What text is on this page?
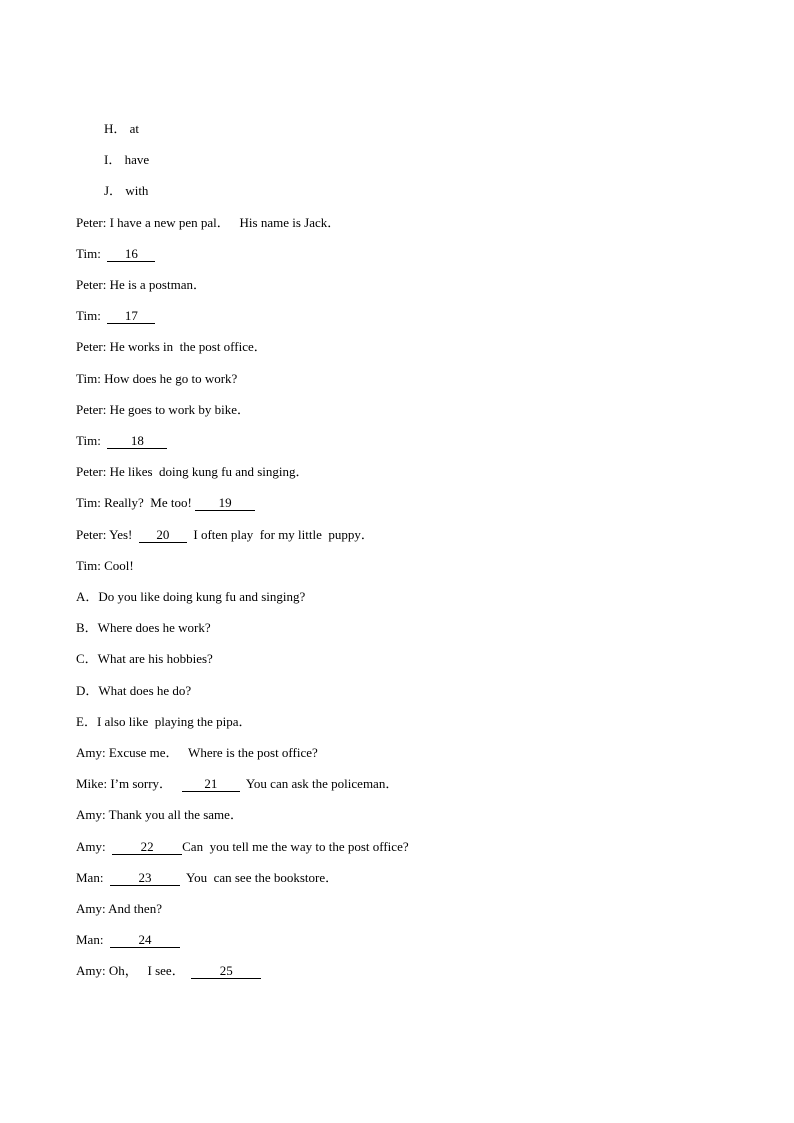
H． at
I． have
J． with
Peter: I have a new pen pal．   His name is Jack．
Tim: 16
Peter: He is a postman．
Tim: 17
Peter: He works in  the post office．
Tim: How does he go to work?
Peter: He goes to work by bike．
Tim: 18
Peter: He likes  doing kung fu and singing．
Tim: Really?  Me too! 19
Peter: Yes! 20 I often play  for my little  puppy．
Tim: Cool!
A．Do you like doing kung fu and singing?
B．Where does he work?
C．What are his hobbies?
D．What does he do?
E．I also like  playing the pipa．
Amy: Excuse me．   Where is the post office?
Mike: I’m sorry． 21 You can ask the policeman．
Amy: Thank you all the same．
Amy:	22 Can  you tell me the way to the post office?
Man:	23	You  can see the bookstore．
Amy: And then?
Man:	24
Amy: Oh，   I see．	25
